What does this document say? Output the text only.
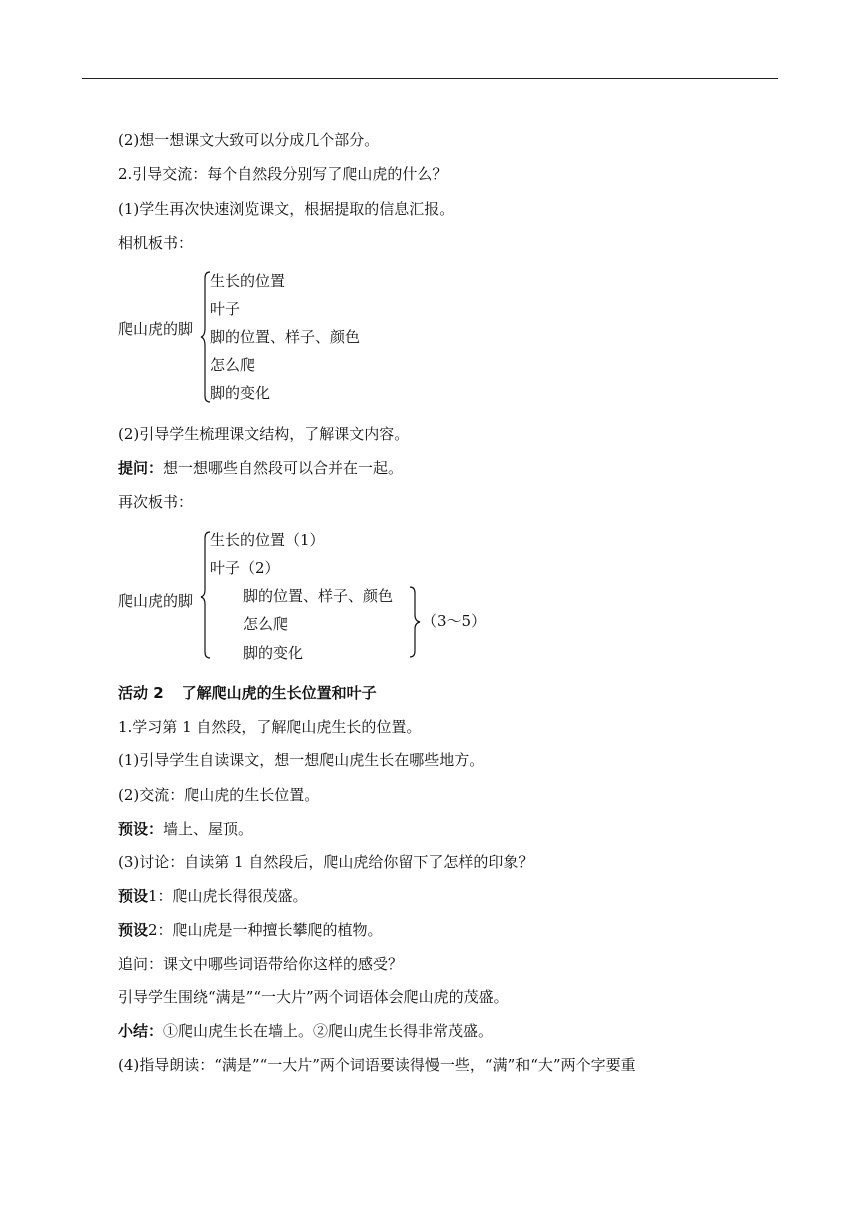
(2)想一想课文大致可以分成几个部分。
2.引导交流：每个自然段分别写了爬山虎的什么？
(1)学生再次快速浏览课文，根据提取的信息汇报。
相机板书：
爬山虎的脚
生长的位置
叶子
脚的位置、样子、颜色
怎么爬
脚的变化
(2)引导学生梳理课文结构，了解课文内容。
提问：想一想哪些自然段可以合并在一起。
再次板书：
爬山虎的脚
生长的位置（1）
叶子（2）
脚的位置、样子、颜色
怎么爬
脚的变化
（3～5）
活动 2 了解爬山虎的生长位置和叶子
1.学习第 1 自然段，了解爬山虎生长的位置。
(1)引导学生自读课文，想一想爬山虎生长在哪些地方。
(2)交流：爬山虎的生长位置。
预设：墙上、屋顶。
(3)讨论：自读第 1 自然段后，爬山虎给你留下了怎样的印象？
预设1：爬山虎长得很茂盛。
预设2：爬山虎是一种擅长攀爬的植物。
追问：课文中哪些词语带给你这样的感受？
引导学生围绕“满是”“一大片”两个词语体会爬山虎的茂盛。
小结：①爬山虎生长在墙上。②爬山虎生长得非常茂盛。
(4)指导朗读：“满是”“一大片”两个词语要读得慢一些，“满”和“大”两个字要重
